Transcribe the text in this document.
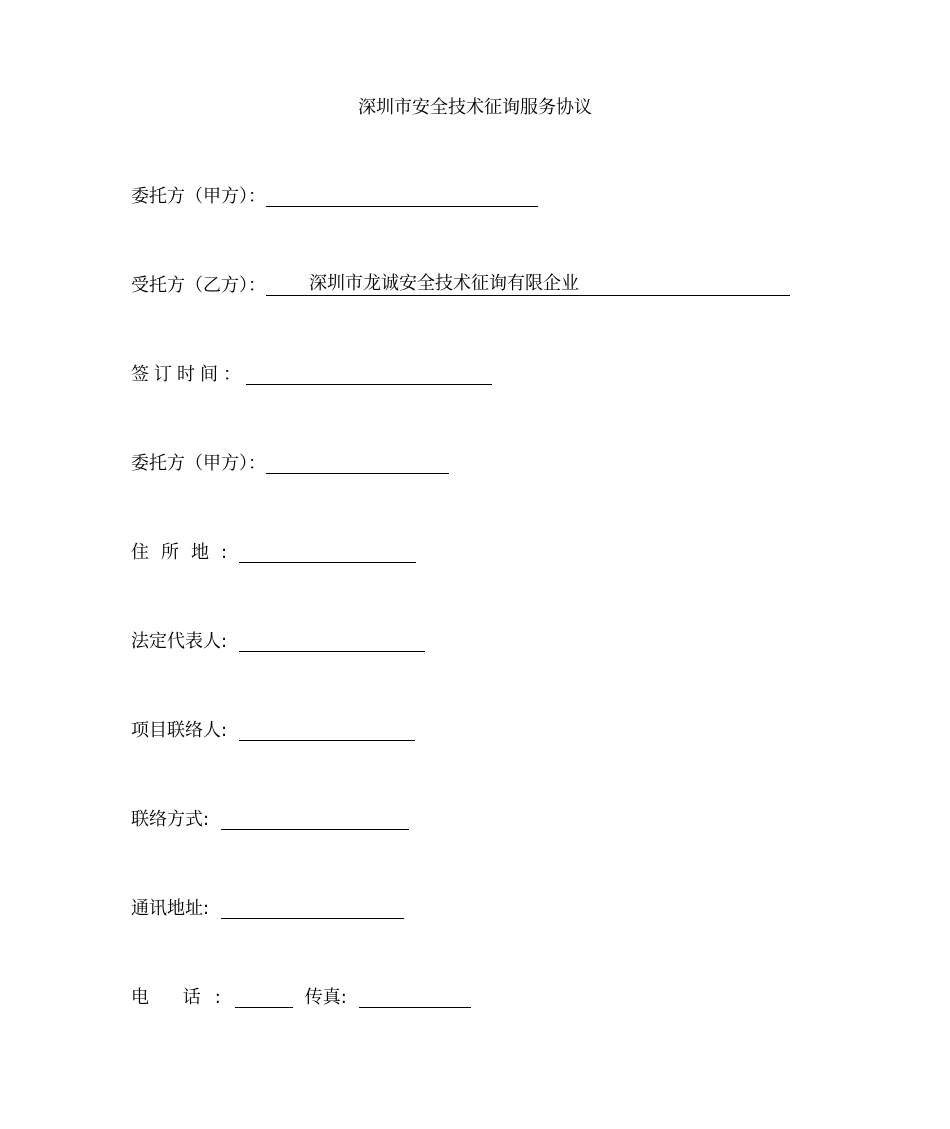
深圳市安全技术征询服务协议
委托方（甲方）：
受托方（乙方）：	深圳市龙诚安全技术征询有限企业
签订时间：
委托方（甲方）：
住所地:
法定代表人:
项目联络人:
联络方式:
通讯地址:
电 话:	传真:
